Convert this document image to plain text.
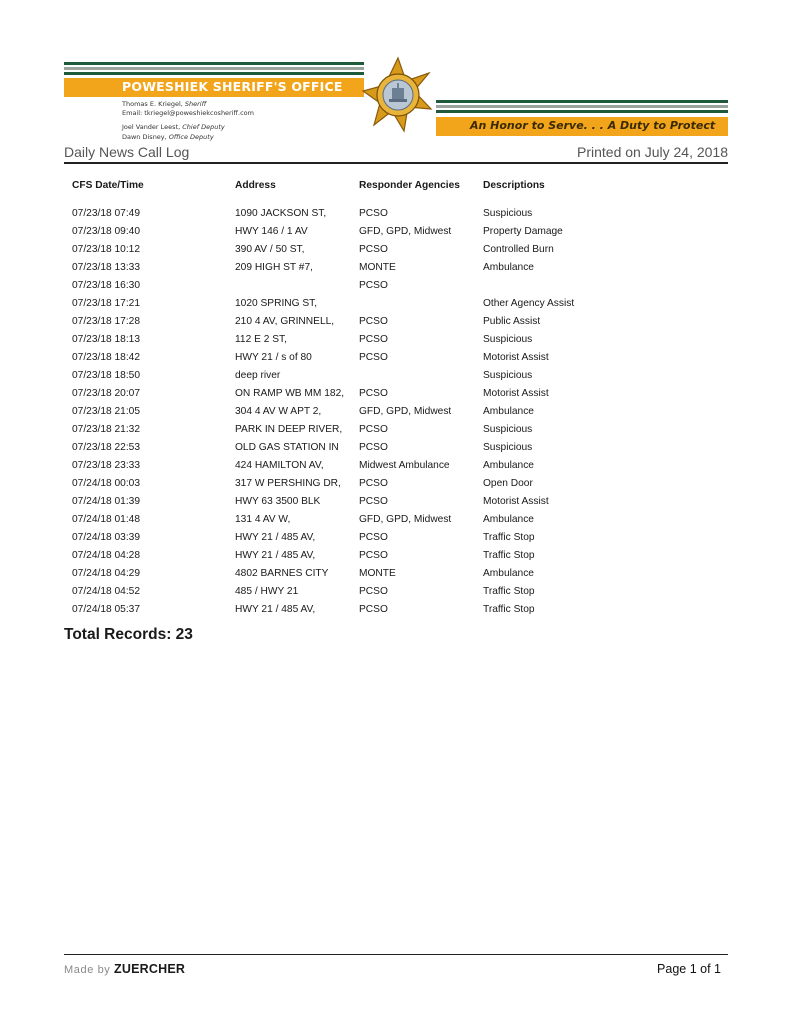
POWESHIEK SHERIFF'S OFFICE
An Honor to Serve. . . A Duty to Protect
Thomas E. Kriegel, Sheriff
Email: tkriegel@poweshiekcosheriff.com
Joel Vander Leest, Chief Deputy
Dawn Disney, Office Deputy
Daily News Call Log	Printed on July 24, 2018
CFS Date/Time	Address	Responder Agencies	Descriptions

07/23/18 07:49	1090 JACKSON ST,	PCSO	Suspicious
07/23/18 09:40	HWY 146 / 1 AV	GFD, GPD, Midwest	Property Damage
07/23/18 10:12	390 AV / 50 ST,	PCSO	Controlled Burn
07/23/18 13:33	209 HIGH ST #7,	MONTE	Ambulance
07/23/18 16:30		PCSO	
07/23/18 17:21	1020 SPRING ST,		Other Agency Assist
07/23/18 17:28	210 4 AV, GRINNELL,	PCSO	Public Assist
07/23/18 18:13	112 E 2 ST,	PCSO	Suspicious
07/23/18 18:42	HWY 21 / s of 80	PCSO	Motorist Assist
07/23/18 18:50	deep river		Suspicious
07/23/18 20:07	ON RAMP WB MM 182,	PCSO	Motorist Assist
07/23/18 21:05	304 4 AV W APT 2,	GFD, GPD, Midwest	Ambulance
07/23/18 21:32	PARK IN DEEP RIVER,	PCSO	Suspicious
07/23/18 22:53	OLD GAS STATION IN	PCSO	Suspicious
07/23/18 23:33	424 HAMILTON AV,	Midwest Ambulance	Ambulance
07/24/18 00:03	317 W PERSHING DR,	PCSO	Open Door
07/24/18 01:39	HWY 63 3500 BLK	PCSO	Motorist Assist
07/24/18 01:48	131 4 AV W,	GFD, GPD, Midwest	Ambulance
07/24/18 03:39	HWY 21 / 485 AV,	PCSO	Traffic Stop
07/24/18 04:28	HWY 21 / 485 AV,	PCSO	Traffic Stop
07/24/18 04:29	4802 BARNES CITY	MONTE	Ambulance
07/24/18 04:52	485 / HWY 21	PCSO	Traffic Stop
07/24/18 05:37	HWY 21 / 485 AV,	PCSO	Traffic Stop
Total Records: 23
Made by ZUERCHER	Page 1 of 1
